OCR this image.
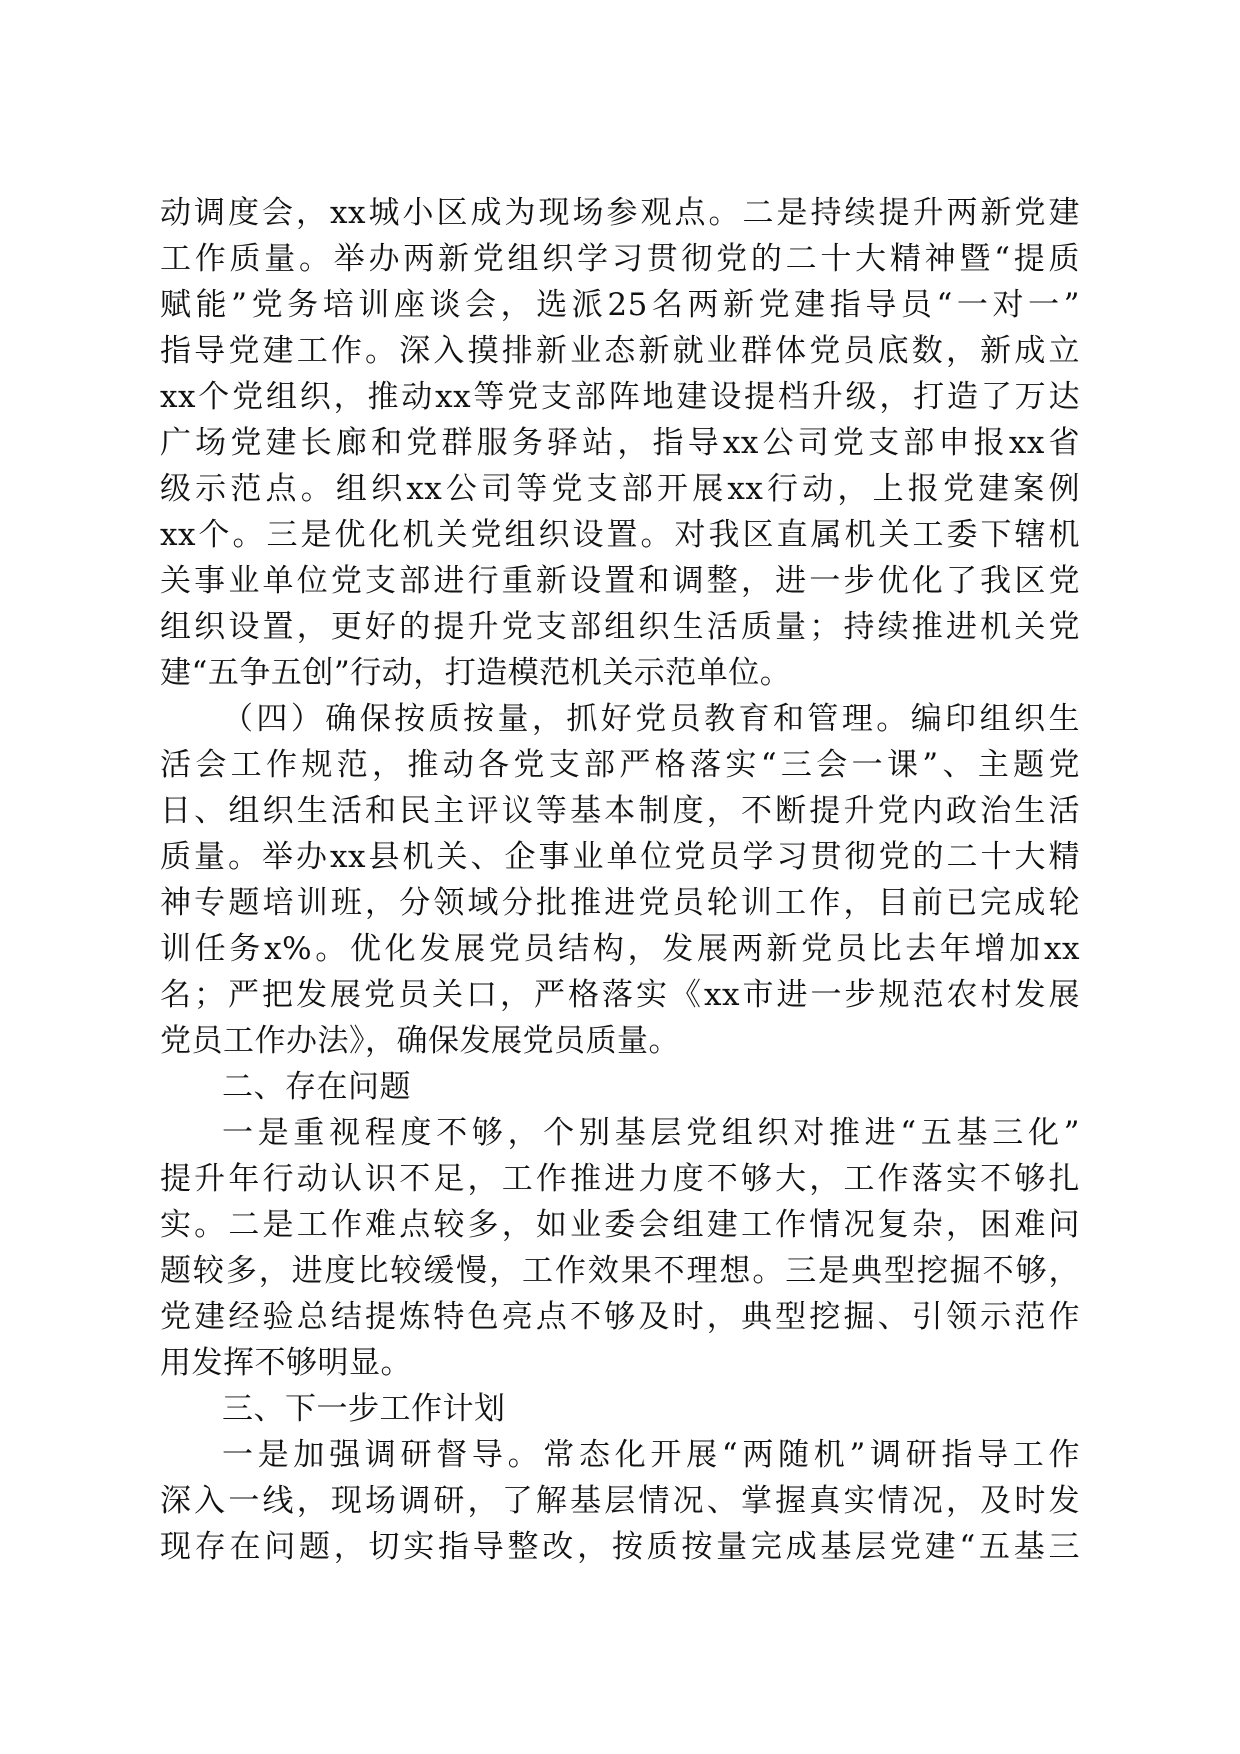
动调度会，xx城小区成为现场参观点。二是持续提升两新党建
工作质量。举办两新党组织学习贯彻党的二十大精神暨“提质
赋能”党务培训座谈会，选派25名两新党建指导员“一对一”
指导党建工作。深入摸排新业态新就业群体党员底数，新成立
xx个党组织，推动xx等党支部阵地建设提档升级，打造了万达
广场党建长廊和党群服务驿站，指导xx公司党支部申报xx省
级示范点。组织xx公司等党支部开展xx行动，上报党建案例
xx个。三是优化机关党组织设置。对我区直属机关工委下辖机
关事业单位党支部进行重新设置和调整，进一步优化了我区党
组织设置，更好的提升党支部组织生活质量；持续推进机关党
建“五争五创”行动，打造模范机关示范单位。
（四）确保按质按量，抓好党员教育和管理。编印组织生
活会工作规范，推动各党支部严格落实“三会一课”、主题党
日、组织生活和民主评议等基本制度，不断提升党内政治生活
质量。举办xx县机关、企事业单位党员学习贯彻党的二十大精
神专题培训班，分领域分批推进党员轮训工作，目前已完成轮
训任务x%。优化发展党员结构，发展两新党员比去年增加xx
名；严把发展党员关口，严格落实《xx市进一步规范农村发展
党员工作办法》，确保发展党员质量。
二、存在问题
一是重视程度不够，个别基层党组织对推进“五基三化”
提升年行动认识不足，工作推进力度不够大，工作落实不够扎
实。二是工作难点较多，如业委会组建工作情况复杂，困难问
题较多，进度比较缓慢，工作效果不理想。三是典型挖掘不够，
党建经验总结提炼特色亮点不够及时，典型挖掘、引领示范作
用发挥不够明显。
三、下一步工作计划
一是加强调研督导。常态化开展“两随机”调研指导工作
深入一线，现场调研，了解基层情况、掌握真实情况，及时发
现存在问题，切实指导整改，按质按量完成基层党建“五基三
